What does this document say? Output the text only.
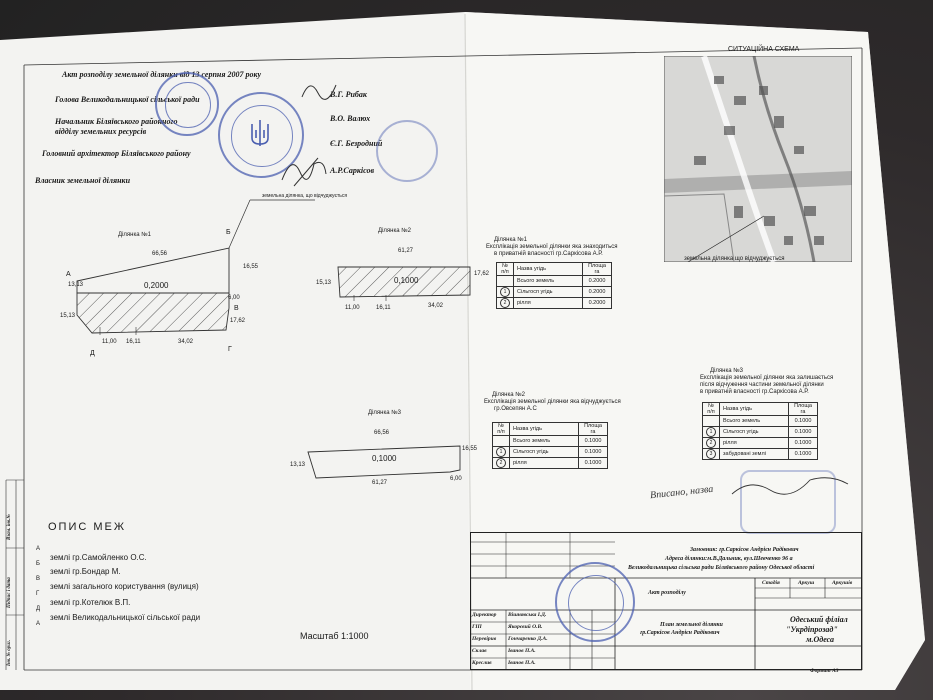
Акт розподілу земельної ділянки від 13 серпня 2007 року
Голова Великодальницької сільської ради
В.Г. Рибак
Начальник Біляївського районного
відділу земельних ресурсів
В.О. Валюх
Головний архітектор Біляївського району
Є.Г. Безродний
Власник земельної ділянки
А.Р.Саркісов
СИТУАЦІЙНА СХЕМА
земельна ділянка що відчуджується
Ділянка №1
земельна ділянка, що відчуджується
66,56
А
Б
В
Г
Д
13,13
15,13
16,55
6,00
17,62
0,2000
11,00 16,11	34,02
Ділянка №2
61,27
15,13
17,62
0,1000
11,00	16,11	34,02
Ділянка №3
66,56
13,13
16,55
6,00
0,1000
61,27
Ділянка №1
Експлікація земельної ділянки яка знаходиться
в приватній власності гр.Саркісова А.Р.
№ п/п	Назва угідь	Площа га
	Всього земель	0.2000
1	Сільгосп угідь	0.2000
2	рілля	0.2000
Ділянка №2
Експлікація земельної ділянки яка відчуджується
гр.Овсепян А.С
№ п/п	Назва угідь	Площа га
	Всього земель	0.1000
1	Сільгосп угідь	0.1000
2	рілля	0.1000
Ділянка №3
Експлікація земельної ділянки яка залишається
після відчуження частини земельної ділянки
в приватній власності гр.Саркісова А.Р.
№ п/п	Назва угідь	Площа га
	Всього земель	0.1000
1	Сільгосп угідь	0.1000
2	рілля	0.1000
3	забудовані землі	0.1000
Вписано, назва
ОПИС МЕЖ
А
Б
землі гр.Самойленко О.С.
В
землі гр.Бондар М.
Г
землі загального користування (вулиця)
Д
землі гр.Котелюк В.П.
А
землі Великодальницької сільської ради
Масштаб 1:1000
Взам. інв.№
Підпис і дата
Інв. № ориг.
Замовник: гр.Саркісов Андрієн Радікович
Адреса ділянки:м.В.Дальник, вул.Шевченко 96 а
Великодальницька сільська ради Біляївського району Одеської області
Стадія	Аркуш	Аркушів
Акт розподілу
План земельної ділянки
гр.Саркісов Андрієн Радікович
Одеський філіал
"Укрдіпрозад"
м.Одеса
Формат А3
Директор Вішнявська І.Д.
ГІП	Якорєвий О.В.
Перевірив Гончаренко Д.А.
Склав	Іванов П.А.
Креслив	Іванов П.А.
